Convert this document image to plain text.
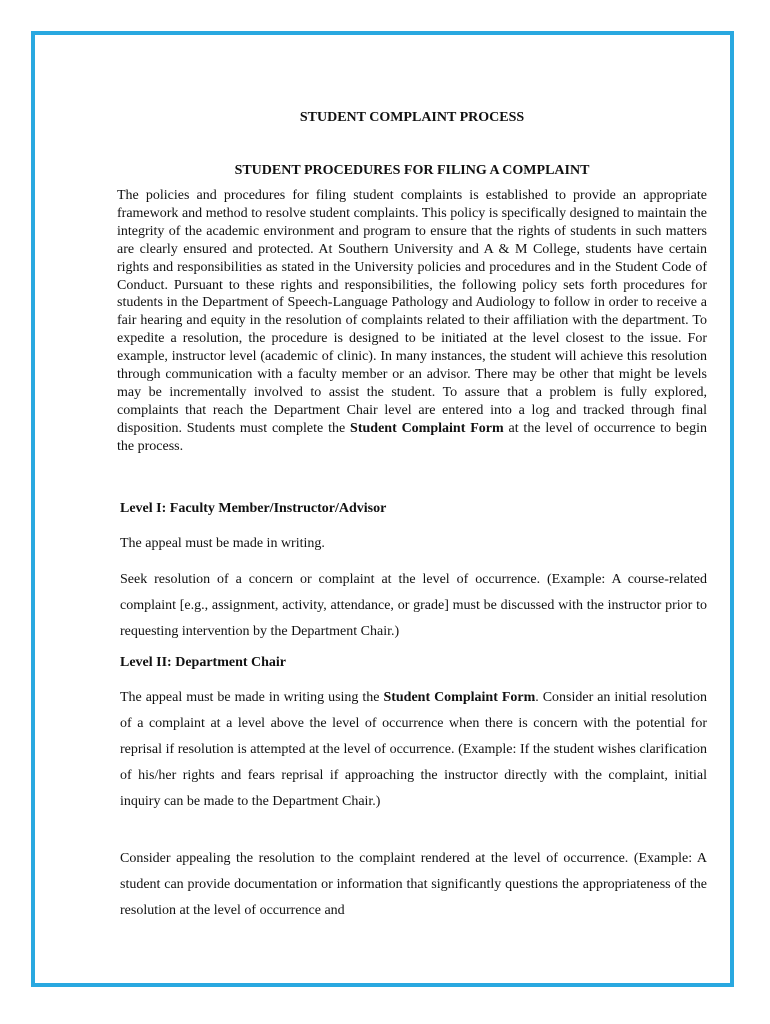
STUDENT COMPLAINT PROCESS

STUDENT PROCEDURES FOR FILING A COMPLAINT

The policies and procedures for filing student complaints is established to provide an appropriate framework and method to resolve student complaints. This policy is specifically designed to maintain the integrity of the academic environment and program to ensure that the rights of students in such matters are clearly ensured and protected. At Southern University and A & M College, students have certain rights and responsibilities as stated in the University policies and procedures and in the Student Code of Conduct. Pursuant to these rights and responsibilities, the following policy sets forth procedures for students in the Department of Speech-Language Pathology and Audiology to follow in order to receive a fair hearing and equity in the resolution of complaints related to their affiliation with the department. To expedite a resolution, the procedure is designed to be initiated at the level closest to the issue. For example, instructor level (academic of clinic). In many instances, the student will achieve this resolution through communication with a faculty member or an advisor. There may be other that might be levels may be incrementally involved to assist the student. To assure that a problem is fully explored, complaints that reach the Department Chair level are entered into a log and tracked through final disposition. Students must complete the Student Complaint Form at the level of occurrence to begin the process.

Level I: Faculty Member/Instructor/Advisor

The appeal must be made in writing.

Seek resolution of a concern or complaint at the level of occurrence. (Example: A course-related complaint [e.g., assignment, activity, attendance, or grade] must be discussed with the instructor prior to requesting intervention by the Department Chair.)

Level II: Department Chair

The appeal must be made in writing using the Student Complaint Form. Consider an initial resolution of a complaint at a level above the level of occurrence when there is concern with the potential for reprisal if resolution is attempted at the level of occurrence. (Example: If the student wishes clarification of his/her rights and fears reprisal if approaching the instructor directly with the complaint, initial inquiry can be made to the Department Chair.)

Consider appealing the resolution to the complaint rendered at the level of occurrence. (Example: A student can provide documentation or information that significantly questions the appropriateness of the resolution at the level of occurrence and
